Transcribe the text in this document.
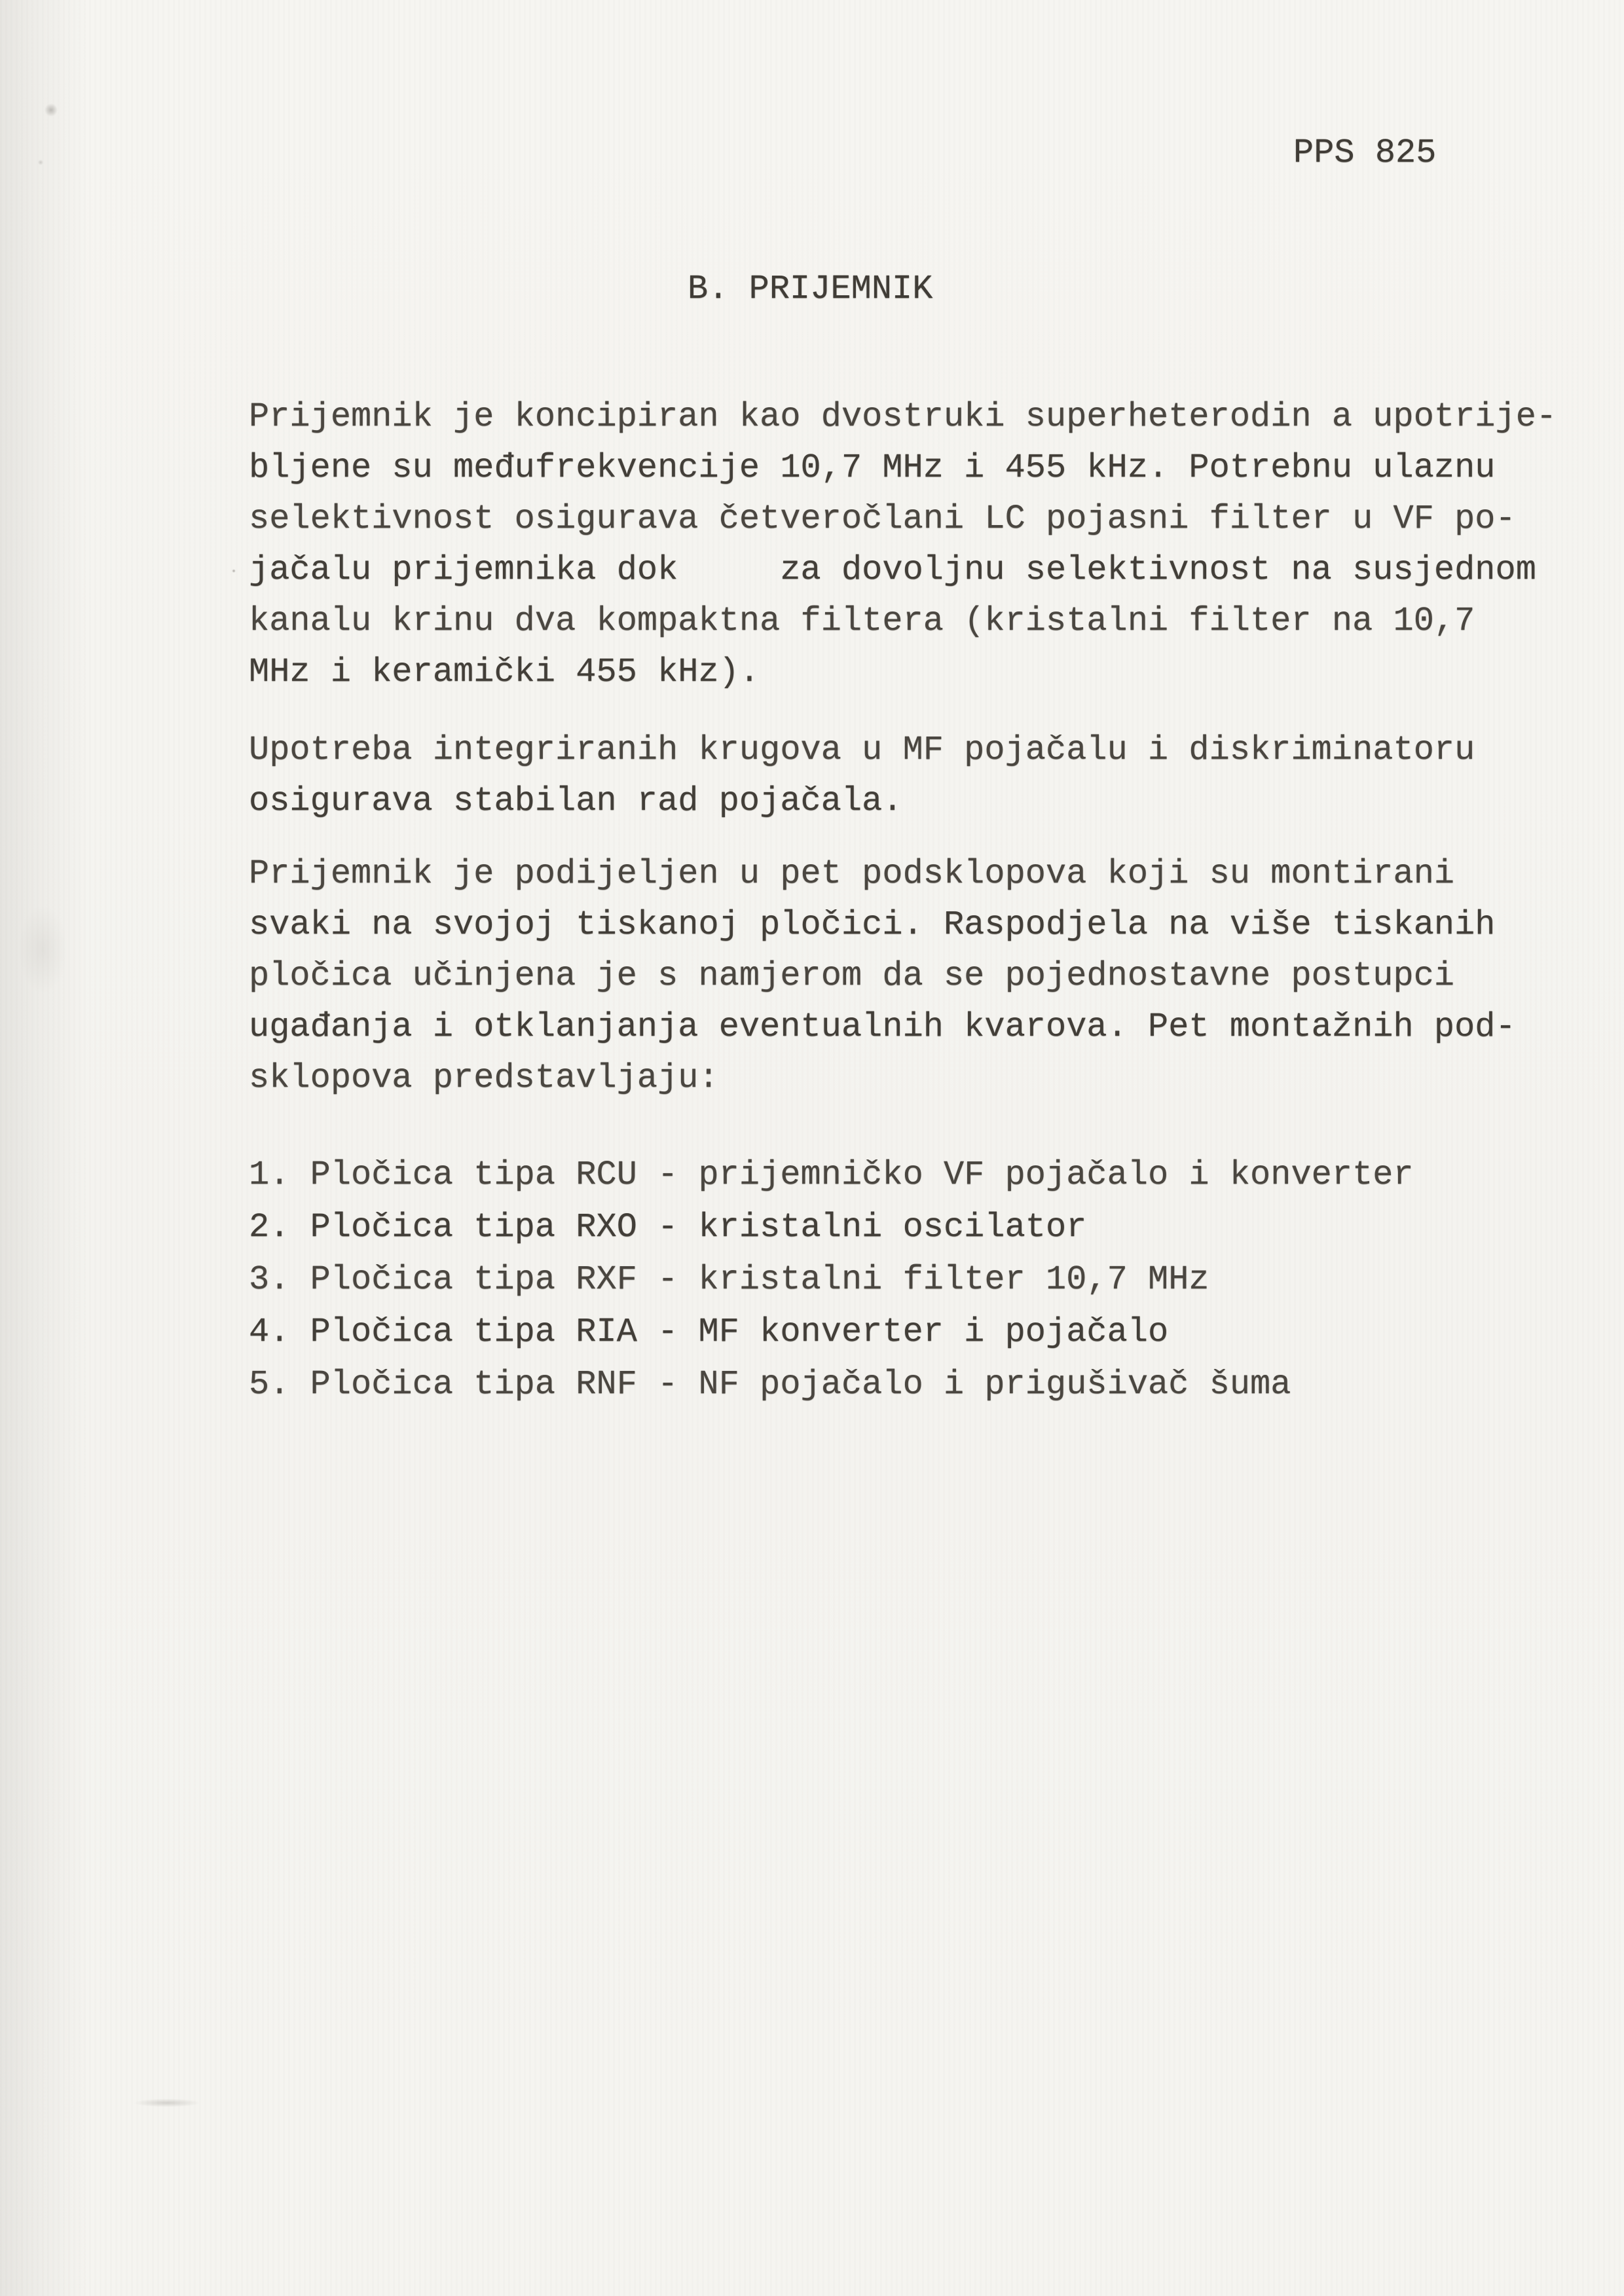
PPS 825
B. PRIJEMNIK
Prijemnik je koncipiran kao dvostruki superheterodin a upotrije-
bljene su međufrekvencije 10,7 MHz i 455 kHz. Potrebnu ulaznu
selektivnost osigurava četveročlani LC pojasni filter u VF po-
jačalu prijemnika dok     za dovoljnu selektivnost na susjednom
kanalu krinu dva kompaktna filtera (kristalni filter na 10,7
MHz i keramički 455 kHz).
Upotreba integriranih krugova u MF pojačalu i diskriminatoru
osigurava stabilan rad pojačala.
Prijemnik je podijeljen u pet podsklopova koji su montirani
svaki na svojoj tiskanoj pločici. Raspodjela na više tiskanih
pločica učinjena je s namjerom da se pojednostavne postupci
ugađanja i otklanjanja eventualnih kvarova. Pet montažnih pod-
sklopova predstavljaju:
1. Pločica tipa RCU - prijemničko VF pojačalo i konverter
2. Pločica tipa RXO - kristalni oscilator
3. Pločica tipa RXF - kristalni filter 10,7 MHz
4. Pločica tipa RIA - MF konverter i pojačalo
5. Pločica tipa RNF - NF pojačalo i prigušivač šuma
